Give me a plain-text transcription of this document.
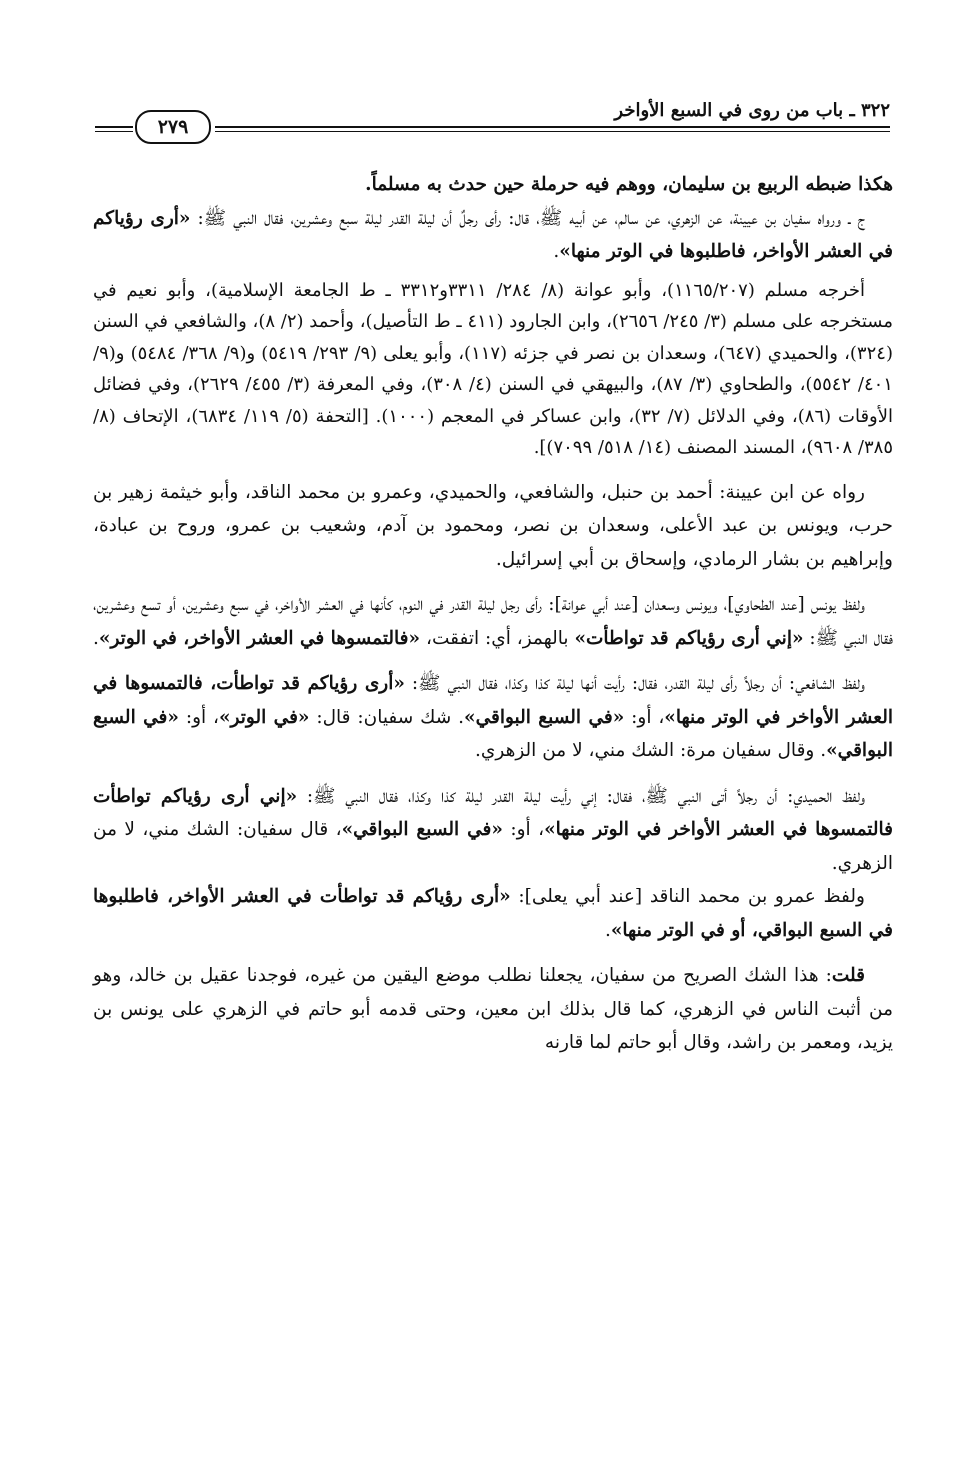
٣٢٢ ـ باب من روى في السبع الأواخر
٢٧٩

هكذا ضبطه الربيع بن سليمان، ووهم فيه حرملة حين حدث به مسلماً.

ج ـ ورواه سفيان بن عيينة، عن الزهري، عن سالم، عن أبيه ﷺ، قال: رأى رجلٌ أن ليلة القدر ليلة سبع وعشرين، فقال النبي ﷺ: «أرى رؤياكم في العشر الأواخر، فاطلبوها في الوتر منها».

أخرجه مسلم (١١٦٥/٢٠٧)، وأبو عوانة (٨/ ٢٨٤/ ٣٣١١و٣٣١٢ ـ ط الجامعة الإسلامية)، وأبو نعيم في مستخرجه على مسلم (٣/ ٢٤٥/ ٢٦٥٦)، وابن الجارود (٤١١ ـ ط التأصيل)، وأحمد (٢/ ٨)، والشافعي في السنن (٣٢٤)، والحميدي (٦٤٧)، وسعدان بن نصر في جزئه (١١٧)، وأبو يعلى (٩/ ٢٩٣/ ٥٤١٩) و(٩/ ٣٦٨/ ٥٤٨٤) و(٩/ ٤٠١/ ٥٥٤٢)، والطحاوي (٣/ ٨٧)، والبيهقي في السنن (٤/ ٣٠٨)، وفي المعرفة (٣/ ٤٥٥/ ٢٦٢٩)، وفي فضائل الأوقات (٨٦)، وفي الدلائل (٧/ ٣٢)، وابن عساكر في المعجم (١٠٠٠). [التحفة (٥/ ١١٩/ ٦٨٣٤)، الإتحاف (٨/ ٣٨٥/ ٩٦٠٨)، المسند المصنف (١٤/ ٥١٨/ ٧٠٩٩)].

رواه عن ابن عيينة: أحمد بن حنبل، والشافعي، والحميدي، وعمرو بن محمد الناقد، وأبو خيثمة زهير بن حرب، ويونس بن عبد الأعلى، وسعدان بن نصر، ومحمود بن آدم، وشعيب بن عمرو، وروح بن عبادة، وإبراهيم بن بشار الرمادي، وإسحاق بن أبي إسرائيل.

ولفظ يونس [عند الطحاوي]، ويونس وسعدان [عند أبي عوانة]: رأى رجل ليلة القدر في النوم، كأنها في العشر الأواخر، في سبع وعشرين، أو تسع وعشرين، فقال النبي ﷺ: «إني أرى رؤياكم قد تواطأت» بالهمز، أي: اتفقت، «فالتمسوها في العشر الأواخر، في الوتر».

ولفظ الشافعي: أن رجلاً رأى ليلة القدر، فقال: رأيت أنها ليلة كذا وكذا، فقال النبي ﷺ: «أرى رؤياكم قد تواطأت، فالتمسوها في العشر الأواخر في الوتر منها»، أو: «في السبع البواقي». شك سفيان: قال: «في الوتر»، أو: «في السبع البواقي». وقال سفيان مرة: الشك مني، لا من الزهري.

ولفظ الحميدي: أن رجلاً أتى النبي ﷺ، فقال: إني رأيت ليلة القدر ليلة كذا وكذا، فقال النبي ﷺ: «إني أرى رؤياكم تواطأت فالتمسوها في العشر الأواخر في الوتر منها»، أو: «في السبع البواقي»، قال سفيان: الشك مني، لا من الزهري.

ولفظ عمرو بن محمد الناقد [عند أبي يعلى]: «أرى رؤياكم قد تواطأت في العشر الأواخر، فاطلبوها في السبع البواقي، أو في الوتر منها».

قلت: هذا الشك الصريح من سفيان، يجعلنا نطلب موضع اليقين من غيره، فوجدنا عقيل بن خالد، وهو من أثبت الناس في الزهري، كما قال بذلك ابن معين، وحتى قدمه أبو حاتم في الزهري على يونس بن يزيد، ومعمر بن راشد، وقال أبو حاتم لما قارنه
